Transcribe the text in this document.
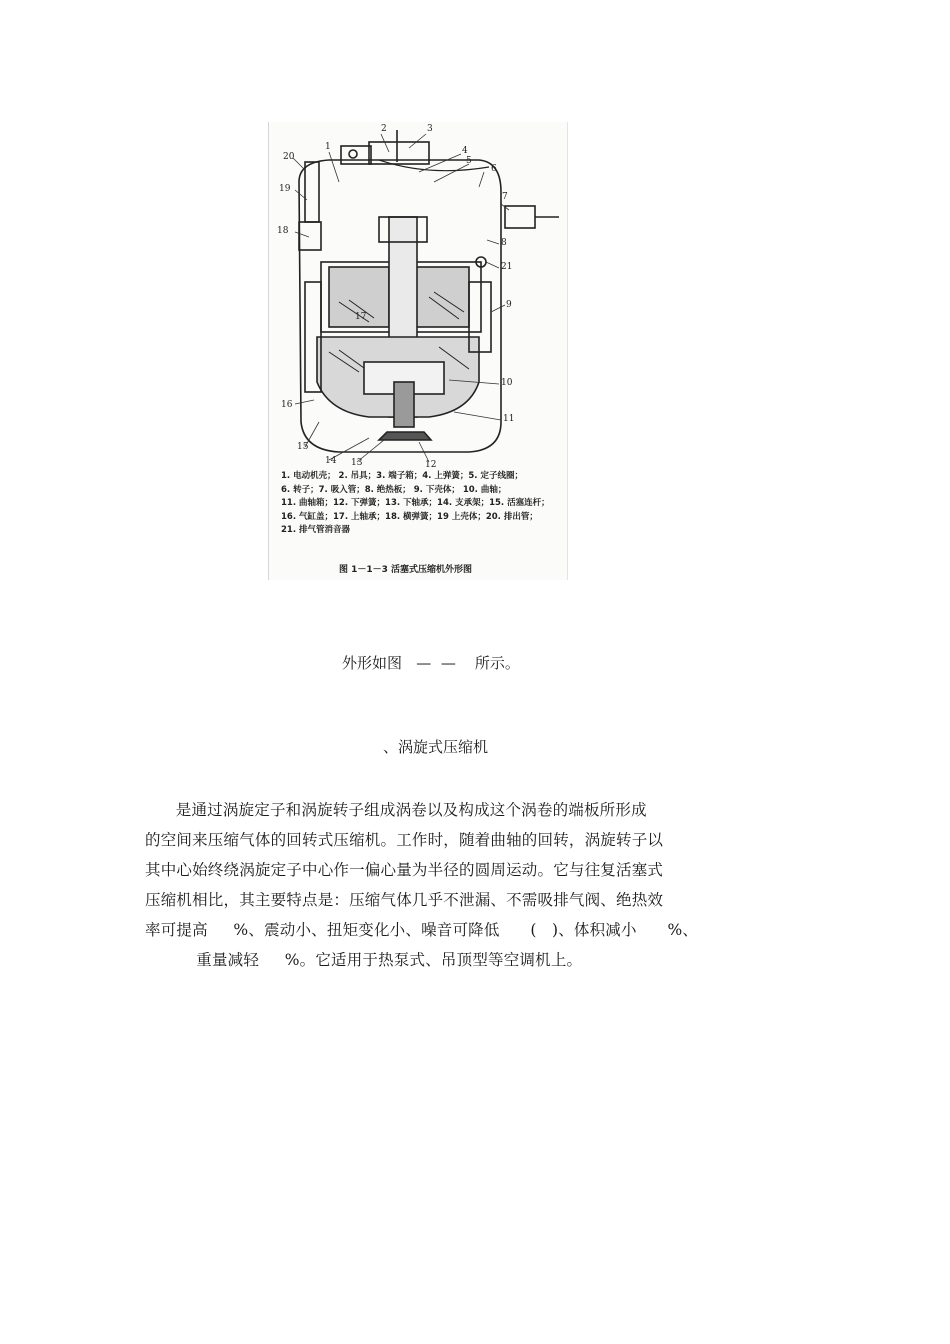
2	3
1	4
5
6
7
8
21
9
10
11
12
13
14
15
16
17
18
19
20
1. 电动机壳； 2. 吊具；3. 端子箱；4. 上弹簧；5. 定子线圈；
6. 转子；7. 吸入管；8. 绝热板； 9. 下壳体； 10. 曲轴；
11. 曲轴箱；12. 下弹簧；13. 下轴承；14. 支承架；15. 活塞连杆；
16. 气缸盖；17. 上轴承；18. 横弹簧；19 上壳体；20. 排出管；
21. 排气管消音器
图 1－1－3 活塞式压缩机外形图
外形如图   —  —    所示。
、涡旋式压缩机
是通过涡旋定子和涡旋转子组成涡卷以及构成这个涡卷的端板所形成
的空间来压缩气体的回转式压缩机。工作时，随着曲轴的回转，涡旋转子以
其中心始终绕涡旋定子中心作一偏心量为半径的圆周运动。它与往复活塞式
压缩机相比，其主要特点是：压缩气体几乎不泄漏、不需吸排气阀、绝热效
率可提高     %、震动小、扭矩变化小、噪音可降低      (   )、体积减小      %、
重量减轻     %。它适用于热泵式、吊顶型等空调机上。
